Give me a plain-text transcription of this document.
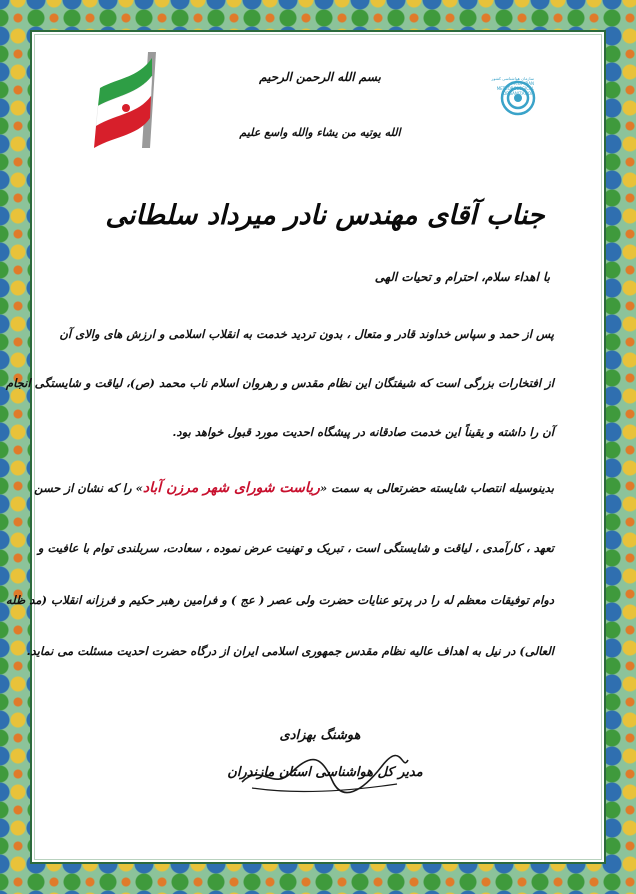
سازمان هواشناسی کشور
I.R.OF IRAN
METEOROLOGICAL
ORGANIZATION
بسم الله الرحمن الرحیم
الله یوتیه من یشاء والله واسع علیم
جناب آقای مهندس نادر میرداد سلطانی
با اهداء سلام، احترام و تحیات الهی
پس از حمد و سپاس خداوند قادر و متعال ، بدون تردید خدمت به انقلاب اسلامی و ارزش های والای آن
از افتخارات بزرگی است که شیفتگان این نظام مقدس و رهروان اسلام ناب محمد (ص)، لیاقت و شایستگی انجام
آن را داشته و یقیناً این خدمت صادقانه در پیشگاه احدیت مورد قبول خواهد بود.
بدینوسیله انتصاب شایسته حضرتعالی به سمت «ریاست شورای شهر مرزن آباد» را که نشان از حسن
تعهد ، کارآمدی ، لیاقت و شایستگی است ، تبریک و تهنیت عرض نموده ، سعادت، سربلندی توام با عافیت و
دوام توفیقات معظم له را در پرتو عنایات حضرت ولی عصر ( عج ) و فرامین رهبر حکیم و فرزانه انقلاب (مد ظله
العالی) در نیل به اهداف عالیه نظام مقدس جمهوری اسلامی ایران از درگاه حضرت احدیت مسئلت می نماید.
هوشنگ بهزادی
مدیر کل هواشناسی استان مازندران
